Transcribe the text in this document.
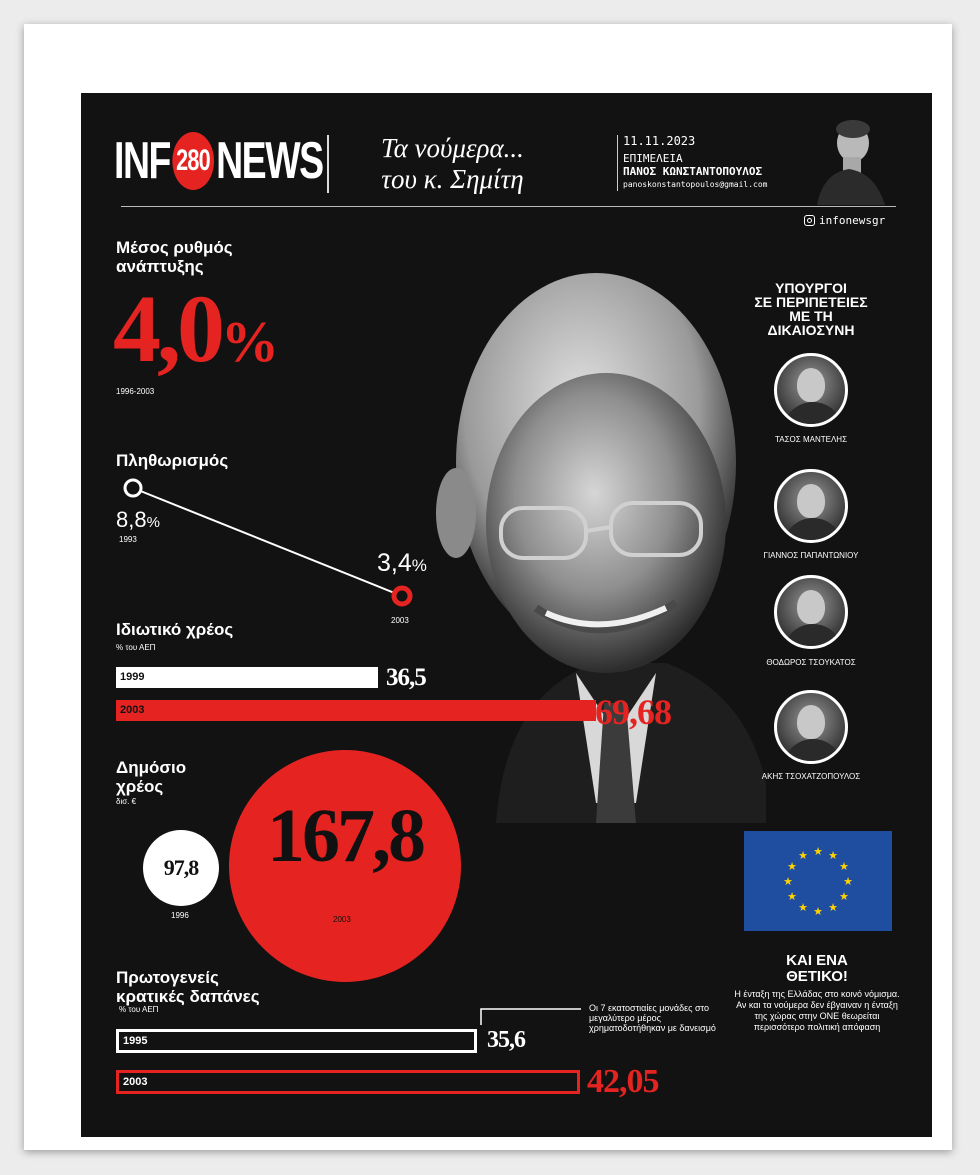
INF 280 NEWS Τα νούμερα...
του κ. Σημίτη
11.11.2023
ΕΠΙΜΕΛΕΙΑ
ΠΑΝΟΣ ΚΩΝΣΤΑΝΤΟΠΟΥΛΟΣ
panoskonstantopoulos@gmail.com
infonewsgr
Μέσος ρυθμός
ανάπτυξης
4,0%
1996-2003
Πληθωρισμός
8,8%
1993
3,4%
2003
Ιδιωτικό χρέος
% του ΑΕΠ
1999	36,5
2003	69,68
Δημόσιο
χρέος
δισ. €
97,8
1996
167,8
2003
Πρωτογενείς
κρατικές δαπάνες
% του ΑΕΠ
1995	35,6
2003	42,05
Οι 7 εκατοστιαίες μονάδες στο μεγαλύτερο μέρος χρηματοδοτήθηκαν με δανεισμό
ΥΠΟΥΡΓΟΙ
ΣΕ ΠΕΡΙΠΕΤΕΙΕΣ
ΜΕ ΤΗ
ΔΙΚΑΙΟΣΥΝΗ
ΤΑΣΟΣ ΜΑΝΤΕΛΗΣ
ΓΙΑΝΝΟΣ ΠΑΠΑΝΤΩΝΙΟΥ
ΘΟΔΩΡΟΣ ΤΣΟΥΚΑΤΟΣ
ΑΚΗΣ ΤΣΟΧΑΤΖΟΠΟΥΛΟΣ
★
★
★
★
★
★
★
★
★ ★ ★
★
ΚΑΙ ΕΝΑ
ΘΕΤΙΚΟ!
Η ένταξη της Ελλάδας στο κοινό νόμισμα. Αν και τα νούμερα δεν έβγαιναν η ένταξη της χώρας στην ΟΝΕ θεωρείται περισσότερο πολιτική απόφαση
